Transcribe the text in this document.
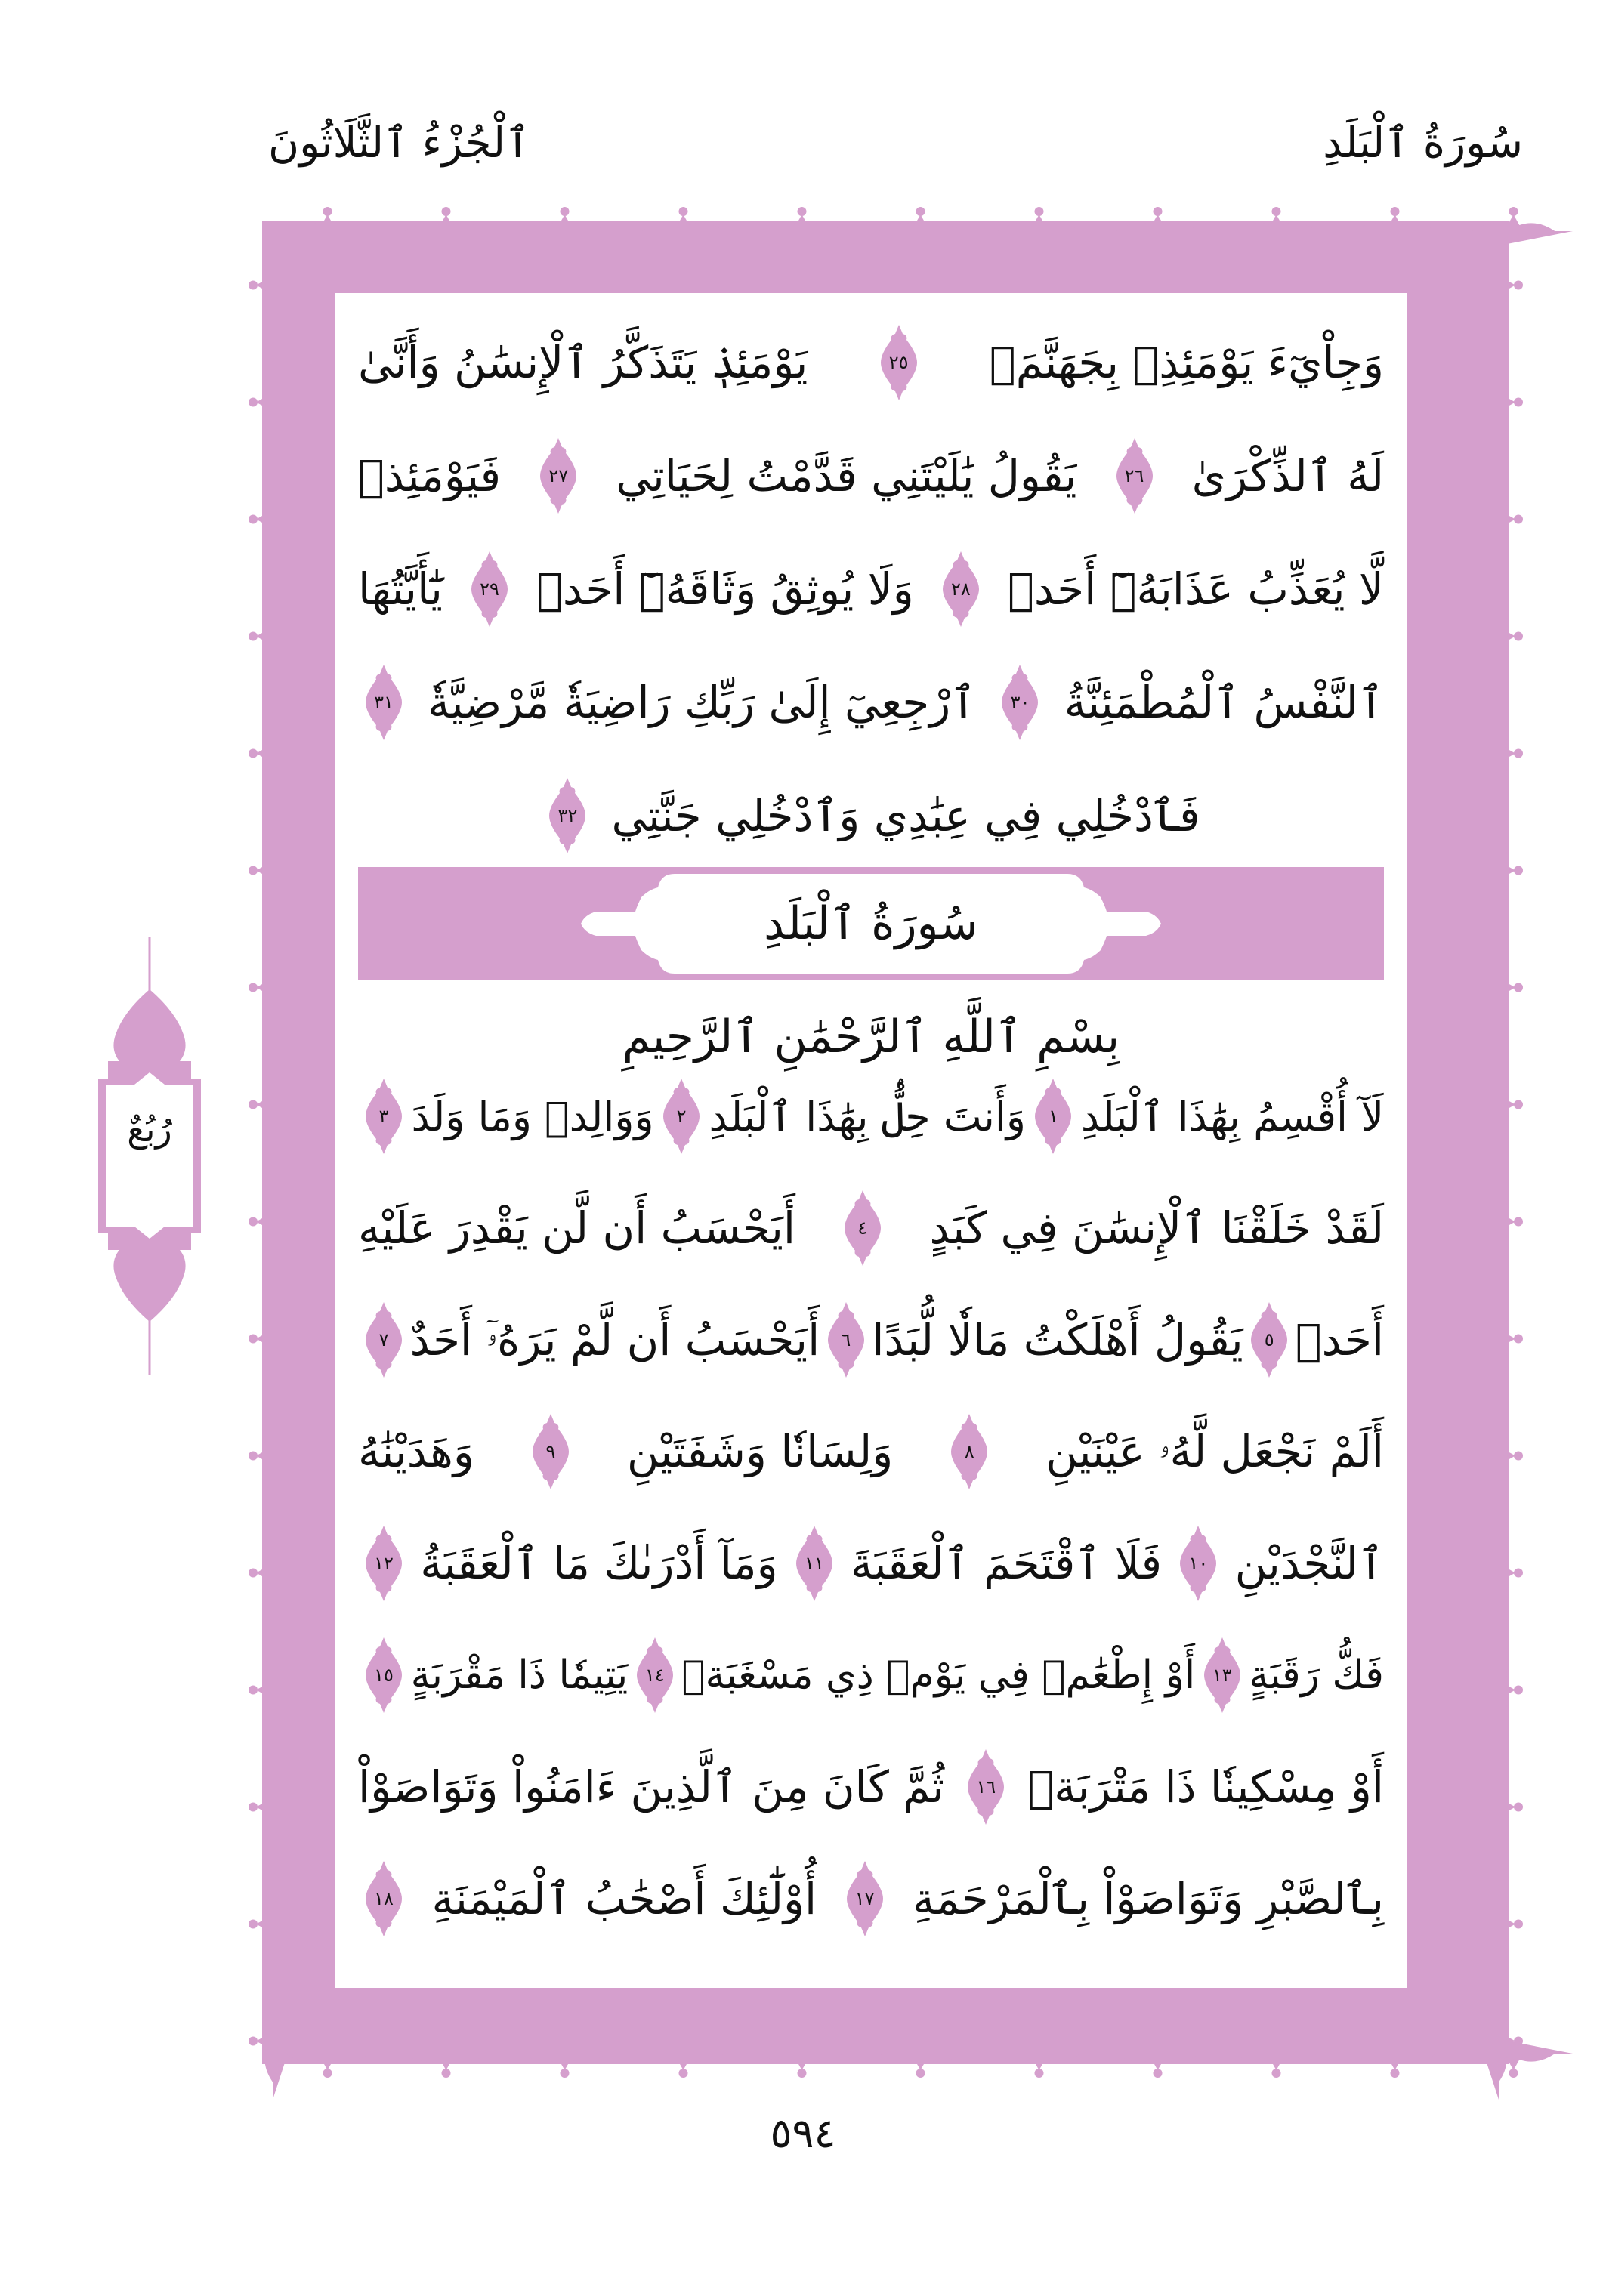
سُورَةُ ٱلْبَلَدِ
ٱلْجُزْءُ ٱلثَّلَاثُونَ
وَجِاْيٓءَ يَوْمَئِذِۭ بِجَهَنَّمَۚ
٢٥
يَوْمَئِذٖ يَتَذَكَّرُ ٱلْإِنسَٰنُ وَأَنَّىٰ
لَهُ ٱلذِّكْرَىٰ
٢٦
يَقُولُ يَٰلَيْتَنِي قَدَّمْتُ لِحَيَاتِي
٢٧
فَيَوْمَئِذٖ
لَّا يُعَذِّبُ عَذَابَهُۥٓ أَحَدٞ
٢٨
وَلَا يُوثِقُ وَثَاقَهُۥٓ أَحَدٞ
٢٩
يَٰٓأَيَّتُهَا
ٱلنَّفْسُ ٱلْمُطْمَئِنَّةُ
٣٠
ٱرْجِعِيٓ إِلَىٰ رَبِّكِ رَاضِيَةٗ مَّرْضِيَّةٗ
٣١
فَٱدْخُلِي فِي عِبَٰدِي وَٱدْخُلِي جَنَّتِي
٣٢
سُورَةُ ٱلْبَلَدِ
بِسْمِ ٱللَّهِ ٱلرَّحْمَٰنِ ٱلرَّحِيمِ
لَآ أُقْسِمُ بِهَٰذَا ٱلْبَلَدِ
١
وَأَنتَ حِلُّۢ بِهَٰذَا ٱلْبَلَدِ
٢
وَوَالِدٖ وَمَا وَلَدَ
٣
لَقَدْ خَلَقْنَا ٱلْإِنسَٰنَ فِي كَبَدٍ
٤
أَيَحْسَبُ أَن لَّن يَقْدِرَ عَلَيْهِ
أَحَدٞ
٥
يَقُولُ أَهْلَكْتُ مَالٗا لُّبَدًا
٦
أَيَحْسَبُ أَن لَّمْ يَرَهُۥٓ أَحَدٌ
٧
أَلَمْ نَجْعَل لَّهُۥ عَيْنَيْنِ
٨
وَلِسَانٗا وَشَفَتَيْنِ
٩
وَهَدَيْنَٰهُ
ٱلنَّجْدَيْنِ
١٠
فَلَا ٱقْتَحَمَ ٱلْعَقَبَةَ
١١
وَمَآ أَدْرَىٰكَ مَا ٱلْعَقَبَةُ
١٢
فَكُّ رَقَبَةٍ
١٣
أَوْ إِطْعَٰمٞ فِي يَوْمٖ ذِي مَسْغَبَةٖ
١٤
يَتِيمٗا ذَا مَقْرَبَةٍ
١٥
أَوْ مِسْكِينٗا ذَا مَتْرَبَةٖ
١٦
ثُمَّ كَانَ مِنَ ٱلَّذِينَ ءَامَنُواْ وَتَوَاصَوْاْ
بِٱلصَّبْرِ وَتَوَاصَوْاْ بِٱلْمَرْحَمَةِ
١٧
أُوْلَٰٓئِكَ أَصْحَٰبُ ٱلْمَيْمَنَةِ
١٨
رُبُعٌ
٥٩٤
